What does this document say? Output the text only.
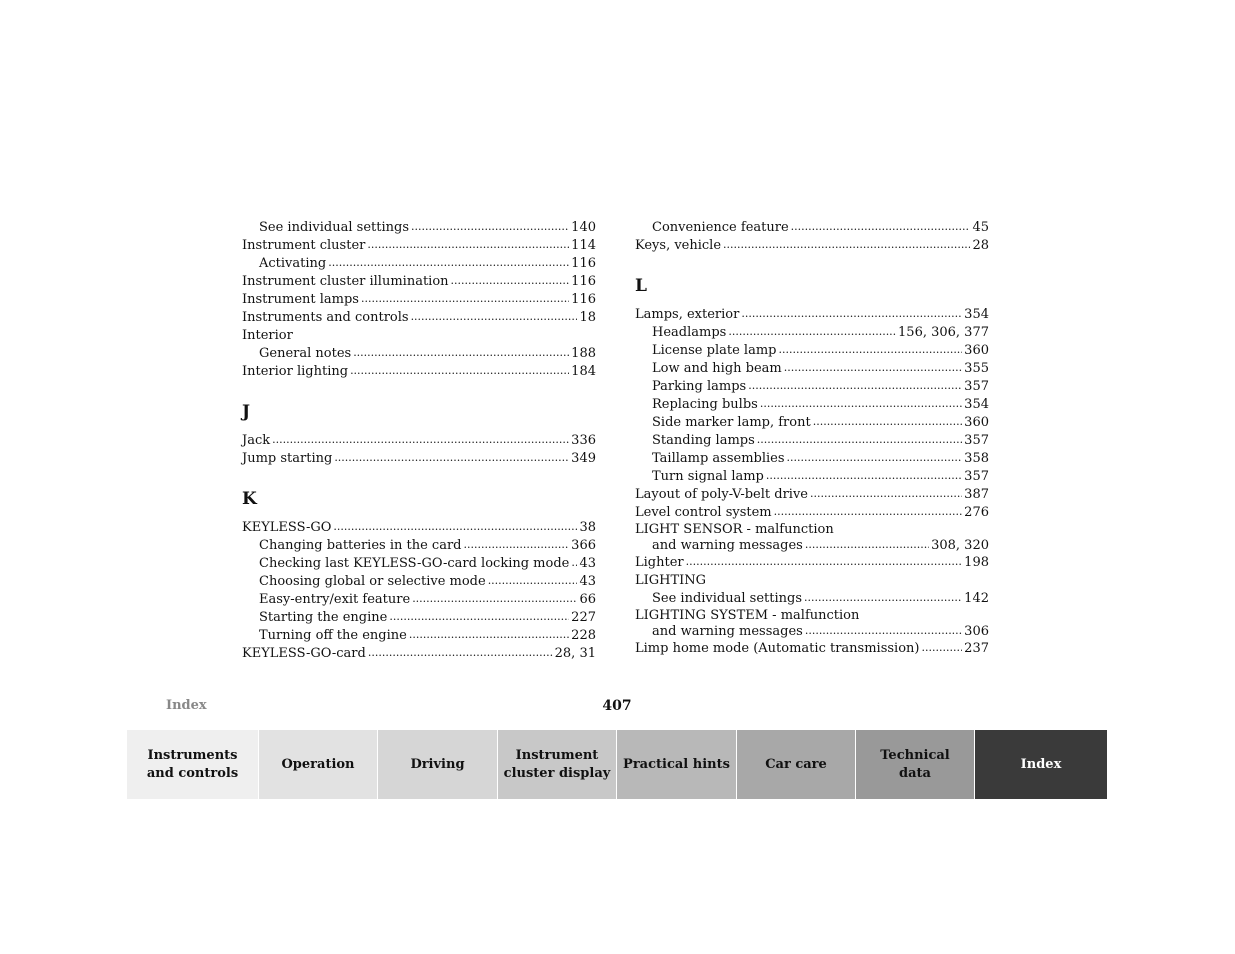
See individual settings .....	140
Instrument cluster .....	114
Activating .....	116
Instrument cluster illumination .....	116
Instrument lamps .....	116
Instruments and controls .....	18
Interior
General notes .....	188
Interior lighting .....	184
J
Jack .....	336
Jump starting .....	349
K
KEYLESS-GO .....	38
Changing batteries in the card .....	366
Checking last KEYLESS-GO-card locking mode ..... 43
Choosing global or selective mode .....	43
Easy-entry/exit feature .....	66
Starting the engine .....	227
Turning off the engine .....	228
KEYLESS-GO-card .....	28, 31
Convenience feature .....	45
Keys, vehicle .....	28
L
Lamps, exterior .....	354
Headlamps .....	156, 306, 377
License plate lamp .....	360
Low and high beam .....	355
Parking lamps .....	357
Replacing bulbs .....	354
Side marker lamp, front .....	360
Standing lamps .....	357
Taillamp assemblies .....	358
Turn signal lamp .....	357
Layout of poly-V-belt drive .....	387
Level control system .....	276
LIGHT SENSOR - malfunction
and warning messages .....	308, 320
Lighter .....	198
LIGHTING
See individual settings .....	142
LIGHTING SYSTEM - malfunction
and warning messages .....	306
Limp home mode (Automatic transmission) .....	237
Index	407
Instruments
and controls
Operation	Driving
Instrument
cluster display
Practical hints	Car care
Technical
data
Index
